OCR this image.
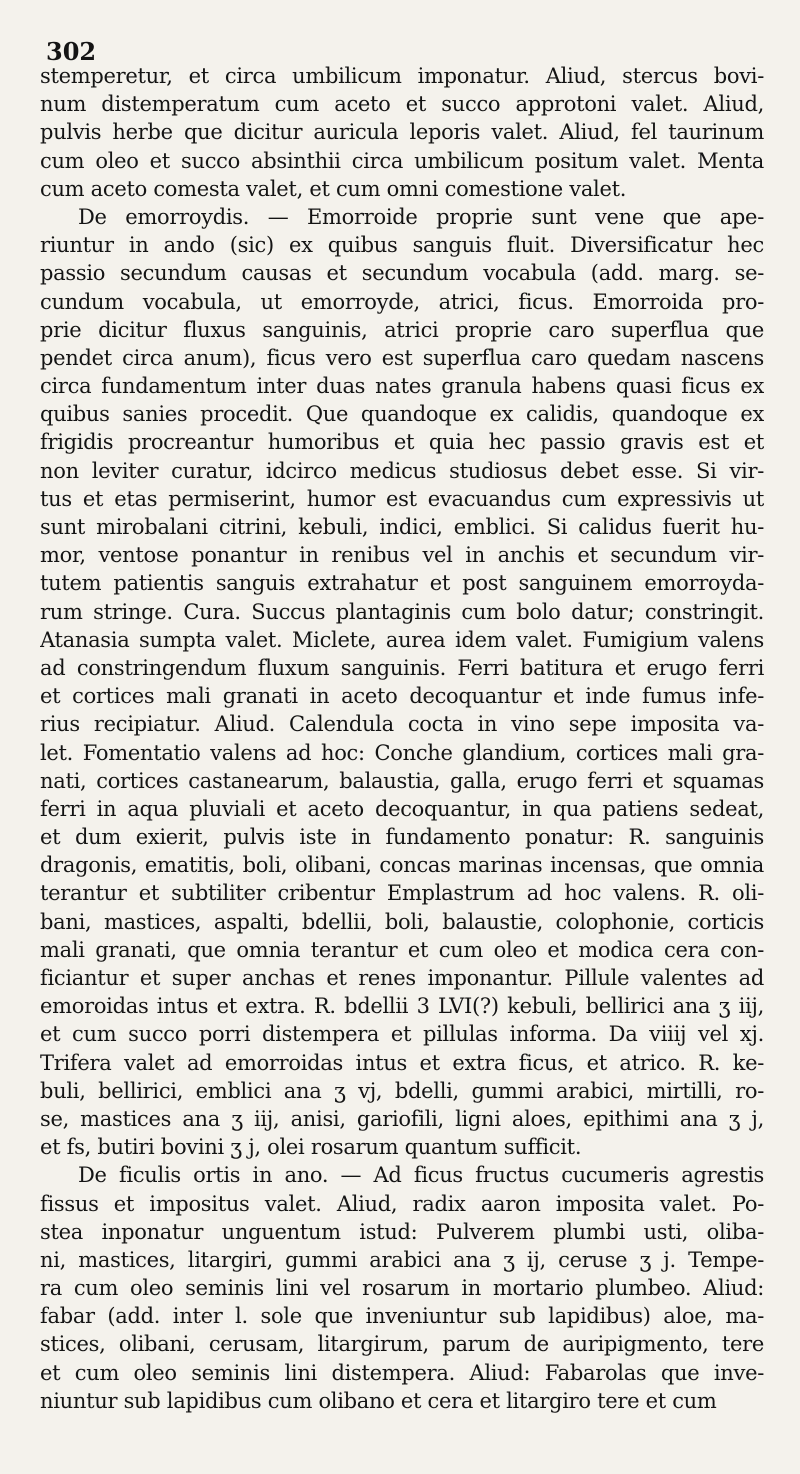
302
stemperetur, et circa umbilicum imponatur. Aliud, stercus bovi-
num distemperatum cum aceto et succo approtoni valet. Aliud,
pulvis herbe que dicitur auricula leporis valet. Aliud, fel taurinum
cum oleo et succo absinthii circa umbilicum positum valet. Menta
cum aceto comesta valet, et cum omni comestione valet.
De emorroydis. — Emorroide proprie sunt vene que ape-
riuntur in ando (sic) ex quibus sanguis fluit. Diversificatur hec
passio secundum causas et secundum vocabula (add. marg. se-
cundum vocabula, ut emorroyde, atrici, ficus. Emorroida pro-
prie dicitur fluxus sanguinis, atrici proprie caro superflua que
pendet circa anum), ficus vero est superflua caro quedam nascens
circa fundamentum inter duas nates granula habens quasi ficus ex
quibus sanies procedit. Que quandoque ex calidis, quandoque ex
frigidis procreantur humoribus et quia hec passio gravis est et
non leviter curatur, idcirco medicus studiosus debet esse. Si vir-
tus et etas permiserint, humor est evacuandus cum expressivis ut
sunt mirobalani citrini, kebuli, indici, emblici. Si calidus fuerit hu-
mor, ventose ponantur in renibus vel in anchis et secundum vir-
tutem patientis sanguis extrahatur et post sanguinem emorroyda-
rum stringe. Cura. Succus plantaginis cum bolo datur; constringit.
Atanasia sumpta valet. Miclete, aurea idem valet. Fumigium valens
ad constringendum fluxum sanguinis. Ferri batitura et erugo ferri
et cortices mali granati in aceto decoquantur et inde fumus infe-
rius recipiatur. Aliud. Calendula cocta in vino sepe imposita va-
let. Fomentatio valens ad hoc: Conche glandium, cortices mali gra-
nati, cortices castanearum, balaustia, galla, erugo ferri et squamas
ferri in aqua pluviali et aceto decoquantur, in qua patiens sedeat,
et dum exierit, pulvis iste in fundamento ponatur: R. sanguinis
dragonis, ematitis, boli, olibani, concas marinas incensas, que omnia
terantur et subtiliter cribentur Emplastrum ad hoc valens. R. oli-
bani, mastices, aspalti, bdellii, boli, balaustie, colophonie, corticis
mali granati, que omnia terantur et cum oleo et modica cera con-
ficiantur et super anchas et renes imponantur. Pillule valentes ad
emoroidas intus et extra. R. bdellii 3 LVI(?) kebuli, bellirici ana ʒ iij,
et cum succo porri distempera et pillulas informa. Da viiij vel xj.
Trifera valet ad emorroidas intus et extra ficus, et atrico. R. ke-
buli, bellirici, emblici ana ʒ vj, bdelli, gummi arabici, mirtilli, ro-
se, mastices ana ʒ iij, anisi, gariofili, ligni aloes, epithimi ana ʒ j,
et fs, butiri bovini ʒ j, olei rosarum quantum sufficit.
De ficulis ortis in ano. — Ad ficus fructus cucumeris agrestis
fissus et impositus valet. Aliud, radix aaron imposita valet. Po-
stea inponatur unguentum istud: Pulverem plumbi usti, oliba-
ni, mastices, litargiri, gummi arabici ana ʒ ij, ceruse ʒ j. Tempe-
ra cum oleo seminis lini vel rosarum in mortario plumbeo. Aliud:
fabar (add. inter l. sole que inveniuntur sub lapidibus) aloe, ma-
stices, olibani, cerusam, litargirum, parum de auripigmento, tere
et cum oleo seminis lini distempera. Aliud: Fabarolas que inve-
niuntur sub lapidibus cum olibano et cera et litargiro tere et cum
